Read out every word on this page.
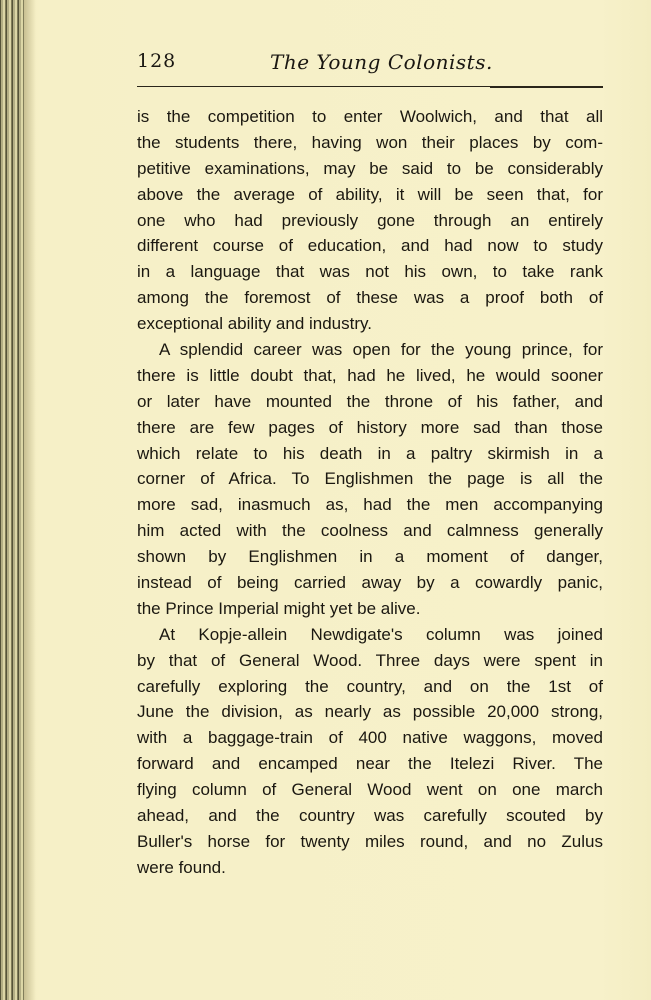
128	The Young Colonists.
is the competition to enter Woolwich, and that all
the students there, having won their places by com-
petitive examinations, may be said to be considerably
above the average of ability, it will be seen that, for
one who had previously gone through an entirely
different course of education, and had now to study
in a language that was not his own, to take rank
among the foremost of these was a proof both of
exceptional ability and industry.
A splendid career was open for the young prince, for
there is little doubt that, had he lived, he would sooner
or later have mounted the throne of his father, and
there are few pages of history more sad than those
which relate to his death in a paltry skirmish in a
corner of Africa. To Englishmen the page is all the
more sad, inasmuch as, had the men accompanying
him acted with the coolness and calmness generally
shown by Englishmen in a moment of danger,
instead of being carried away by a cowardly panic,
the Prince Imperial might yet be alive.
At Kopje-allein Newdigate's column was joined
by that of General Wood. Three days were spent in
carefully exploring the country, and on the 1st of
June the division, as nearly as possible 20,000 strong,
with a baggage-train of 400 native waggons, moved
forward and encamped near the Itelezi River. The
flying column of General Wood went on one march
ahead, and the country was carefully scouted by
Buller's horse for twenty miles round, and no Zulus
were found.
